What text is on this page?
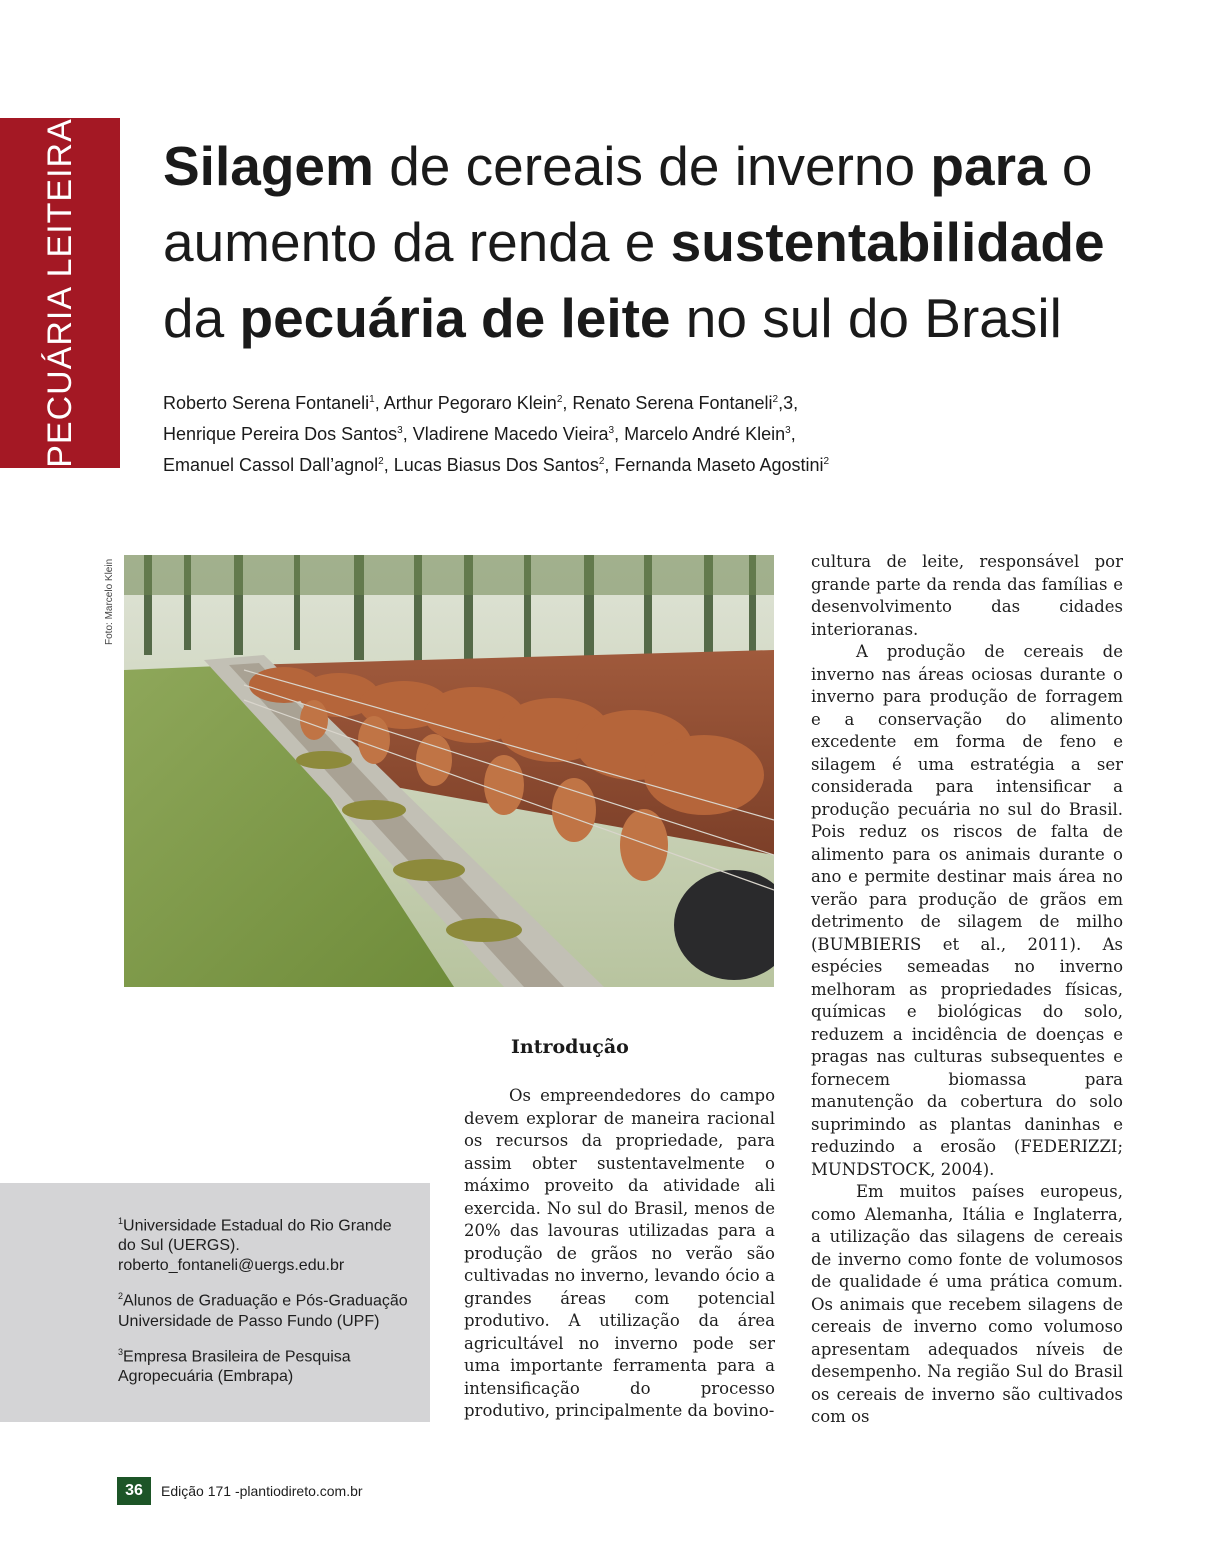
PECUÁRIA LEITEIRA	Silagem de cereais de inverno para o
aumento da renda e sustentabilidade
da pecuária de leite no sul do Brasil

Roberto Serena Fontaneli$^1$, Arthur Pegoraro Klein$^2$, Renato Serena Fontaneli$^2$,3,
Henrique Pereira Dos Santos$^3$, Vladirene Macedo Vieira$^3$, Marcelo André Klein$^3$,
Emanuel Cassol Dall’agnol$^2$, Lucas Biasus Dos Santos$^2$, Fernanda Maseto Agostini$^2$

Foto: Marcelo Klein
Introdução

Os empreendedores do campo devem explorar de maneira racional os recursos da propriedade, para assim obter sustentavelmente o máximo proveito da atividade ali exercida. No sul do Brasil, menos de 20% das lavouras utilizadas para a produção de grãos no verão são cultivadas no inverno, levando ócio a grandes áreas com potencial produtivo. A utilização da área agricultável no inverno pode ser uma importante ferramenta para a intensificação do processo produtivo, principalmente da bovino-

cultura de leite, responsável por grande parte da renda das famílias e desenvolvimento das cidades interioranas.

A produção de cereais de inverno nas áreas ociosas durante o inverno para produção de forragem e a conservação do alimento excedente em forma de feno e silagem é uma estratégia a ser considerada para intensificar a produção pecuária no sul do Brasil. Pois reduz os riscos de falta de alimento para os animais durante o ano e permite destinar mais área no verão para produção de grãos em detrimento de silagem de milho (BUMBIERIS et al., 2011). As espécies semeadas no inverno melhoram as propriedades físicas, químicas e biológicas do solo, reduzem a incidência de doenças e pragas nas culturas subsequentes e fornecem biomassa para manutenção da cobertura do solo suprimindo as plantas daninhas e reduzindo a erosão (FEDERIZZI; MUNDSTOCK, 2004).

Em muitos países europeus, como Alemanha, Itália e Inglaterra, a utilização das silagens de cereais de inverno como fonte de volumosos de qualidade é uma prática comum. Os animais que recebem silagens de cereais de inverno como volumoso apresentam adequados níveis de desempenho. Na região Sul do Brasil os cereais de inverno são cultivados com os

$^1$Universidade Estadual do Rio Grande
do Sul (UERGS).
roberto_fontaneli@uergs.edu.br

$^2$Alunos de Graduação e Pós-Graduação
Universidade de Passo Fundo (UPF)

$^3$Empresa Brasileira de Pesquisa
Agropecuária (Embrapa)

36	Edição 171 - plantiodireto.com.br
